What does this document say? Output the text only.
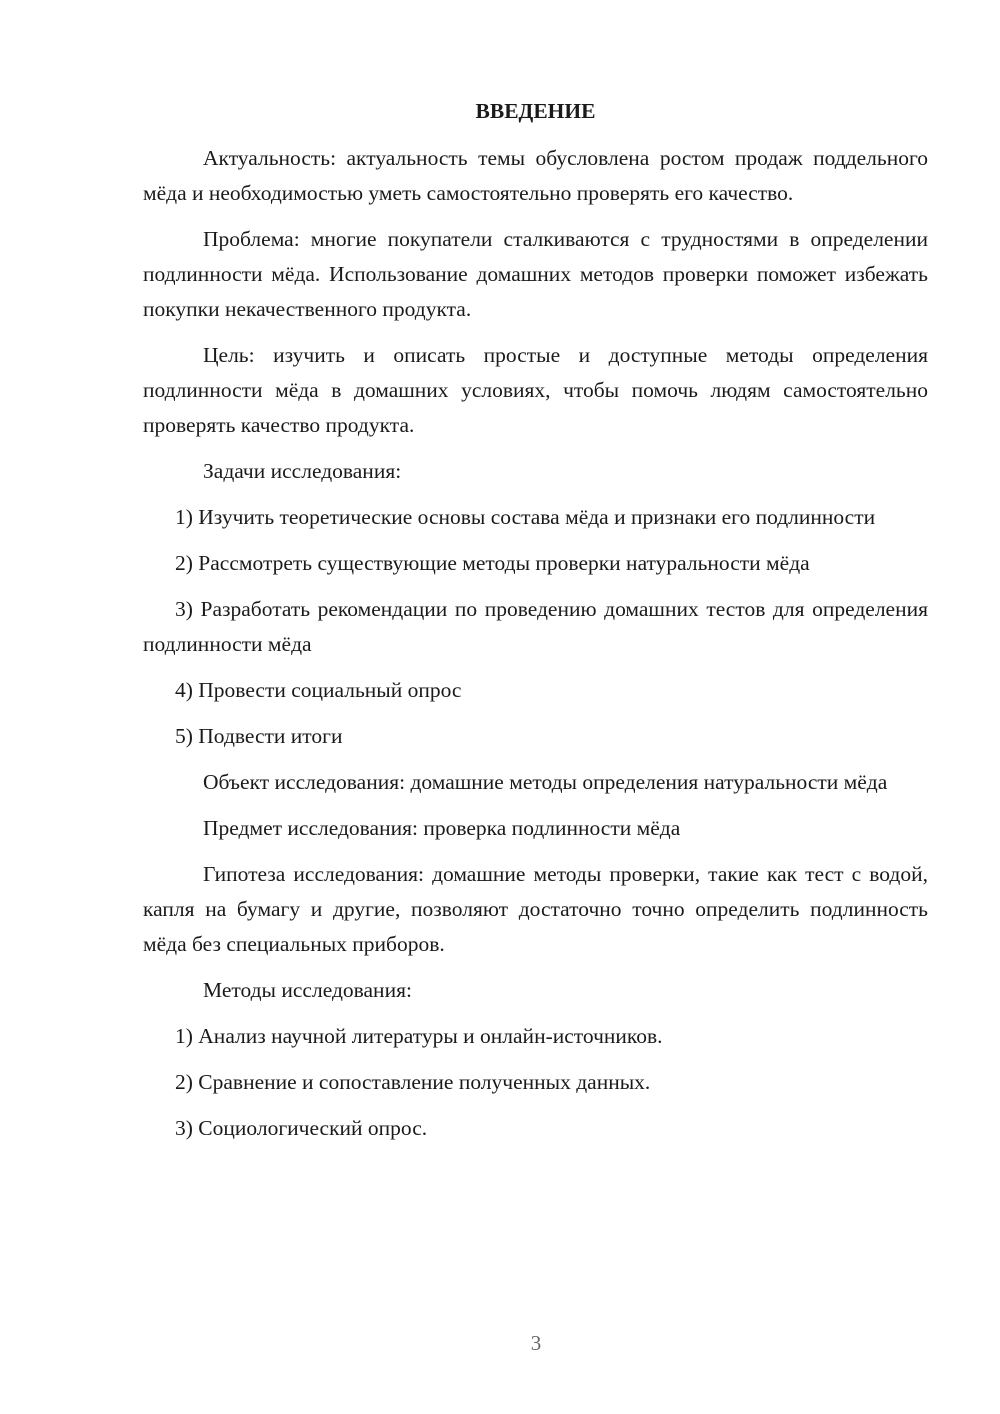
ВВЕДЕНИЕ

Актуальность: актуальность темы обусловлена ростом продаж поддельного мёда и необходимостью уметь самостоятельно проверять его качество.

Проблема: многие покупатели сталкиваются с трудностями в определении подлинности мёда. Использование домашних методов проверки поможет избежать покупки некачественного продукта.

Цель: изучить и описать простые и доступные методы определения подлинности мёда в домашних условиях, чтобы помочь людям самостоятельно проверять качество продукта.

Задачи исследования:

1) Изучить теоретические основы состава мёда и признаки его подлинности

2) Рассмотреть существующие методы проверки натуральности мёда

3) Разработать рекомендации по проведению домашних тестов для определения подлинности мёда

4) Провести социальный опрос

5) Подвести итоги

Объект исследования: домашние методы определения натуральности мёда

Предмет исследования: проверка подлинности мёда

Гипотеза исследования: домашние методы проверки, такие как тест с водой, капля на бумагу и другие, позволяют достаточно точно определить подлинность мёда без специальных приборов.

Методы исследования:

1) Анализ научной литературы и онлайн-источников.

2) Сравнение и сопоставление полученных данных.

3) Социологический опрос.

3
